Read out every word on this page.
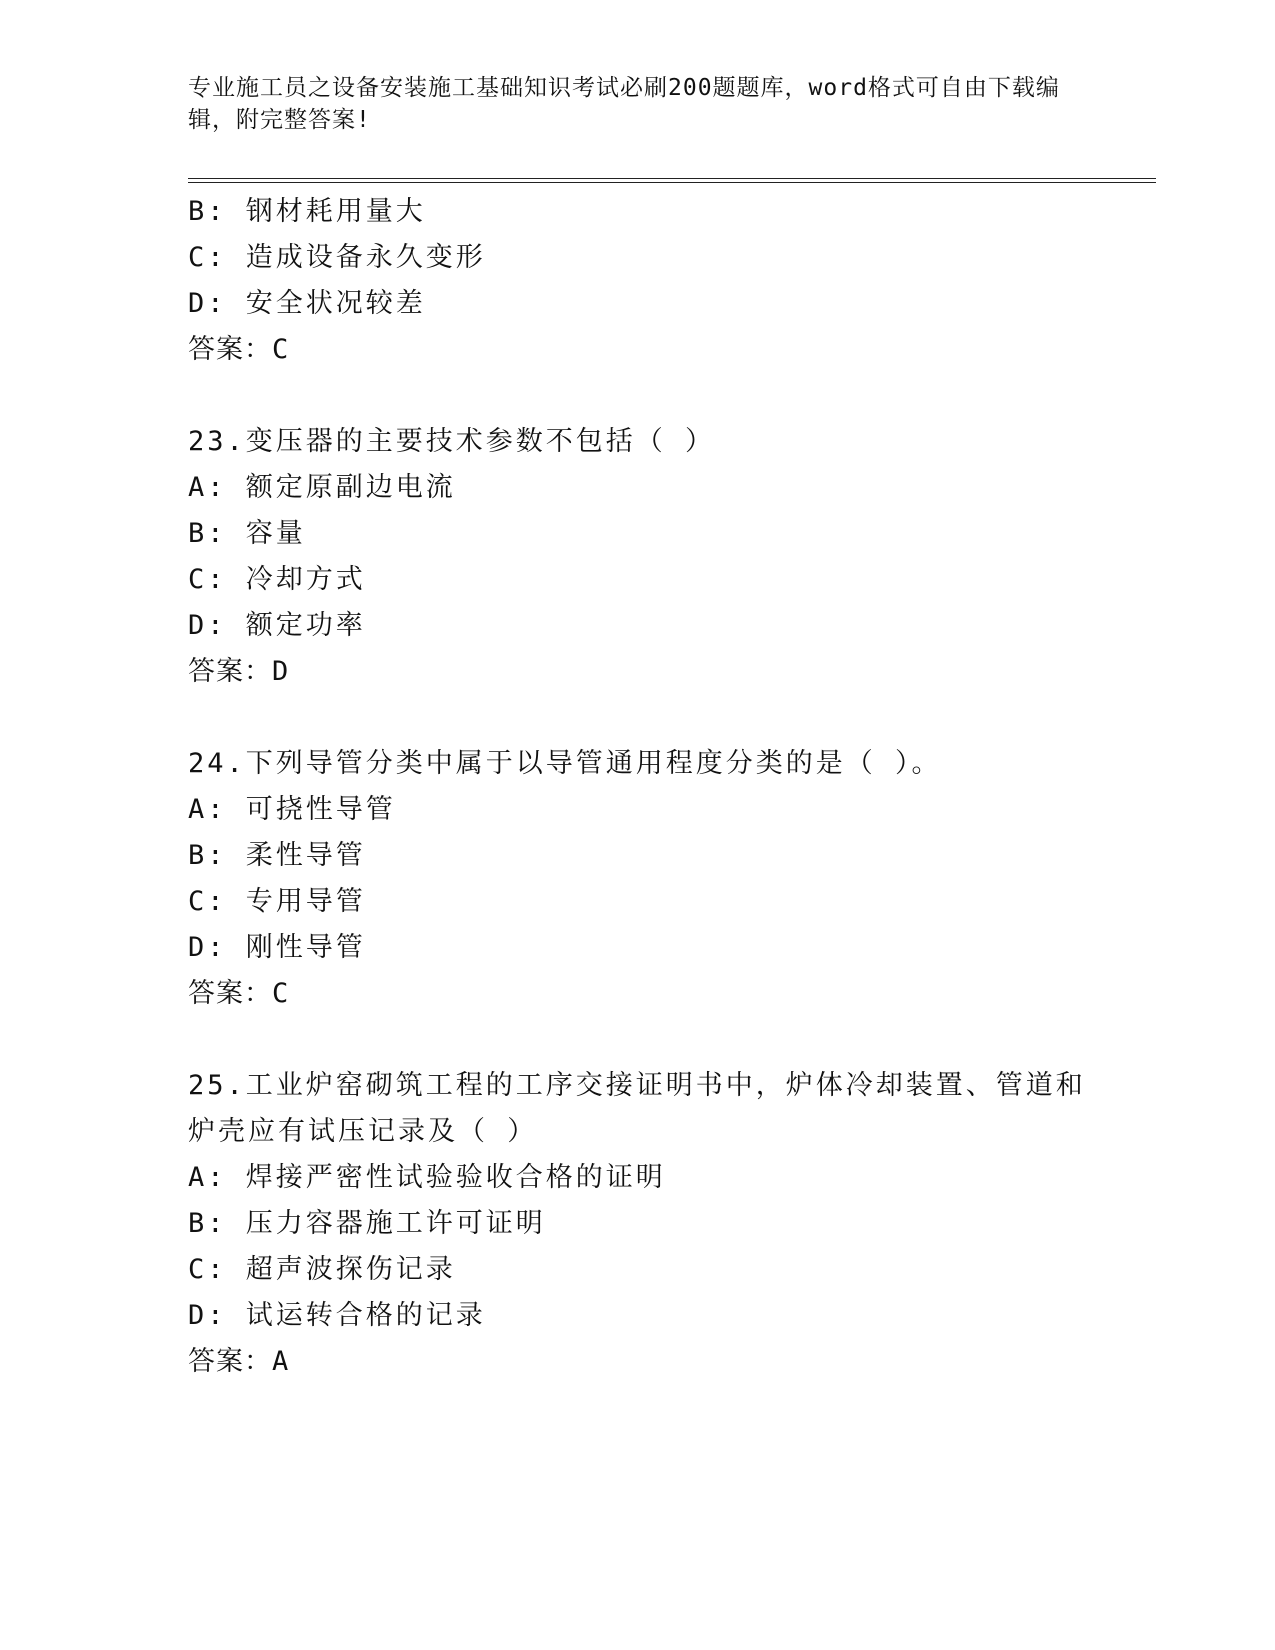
专业施工员之设备安装施工基础知识考试必刷200题题库，word格式可自由下载编辑，附完整答案!
B: 钢材耗用量大
C: 造成设备永久变形
D: 安全状况较差
答案：C
23.变压器的主要技术参数不包括（ ）
A: 额定原副边电流
B: 容量
C: 冷却方式
D: 额定功率
答案：D
24.下列导管分类中属于以导管通用程度分类的是（ ）。
A: 可挠性导管
B: 柔性导管
C: 专用导管
D: 刚性导管
答案：C
25.工业炉窑砌筑工程的工序交接证明书中，炉体冷却装置、管道和炉壳应有试压记录及（ ）
A: 焊接严密性试验验收合格的证明
B: 压力容器施工许可证明
C: 超声波探伤记录
D: 试运转合格的记录
答案：A
